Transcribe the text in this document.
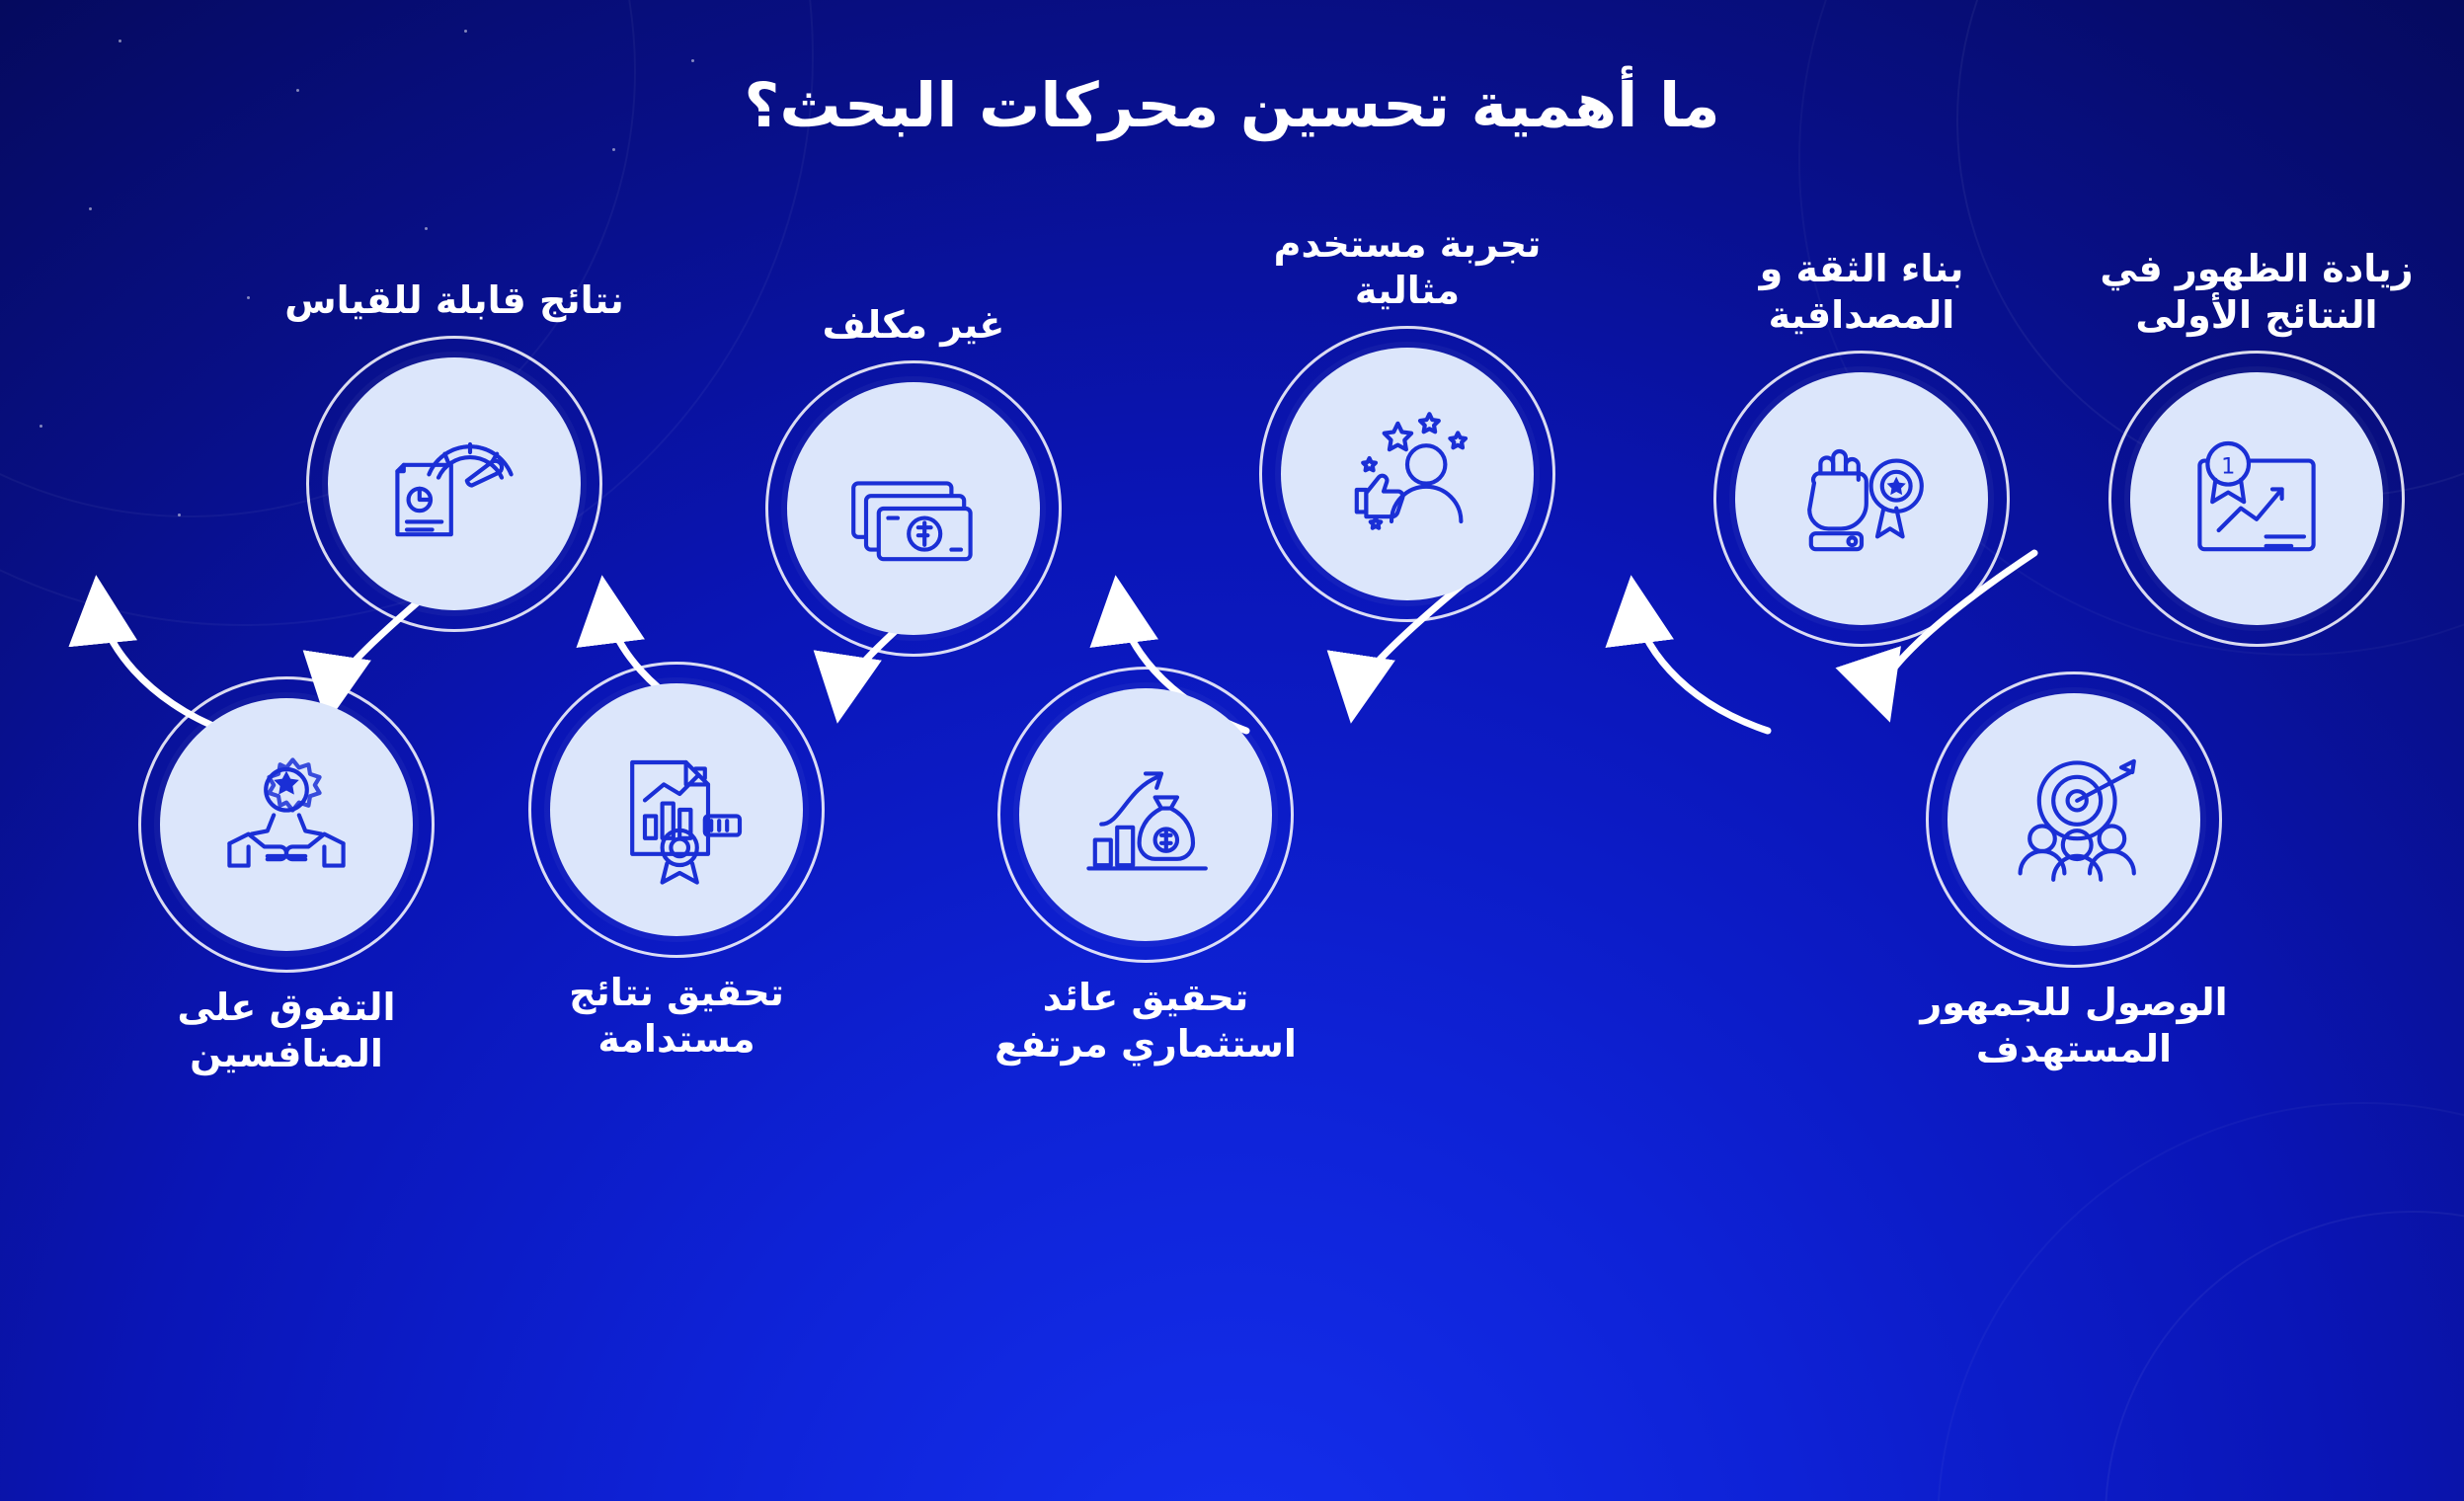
ما أهمية تحسين محركات البحث؟
زيادة الظهور في النتائج الأولى
1
بناء الثقة و المصداقية
تجربة مستخدم مثالية
غير مكلف
نتائج قابلة للقياس
الوصول للجمهور المستهدف
تحقيق عائد استثماري مرتفع
تحقيق نتائج مستدامة
التفوق على المنافسين
